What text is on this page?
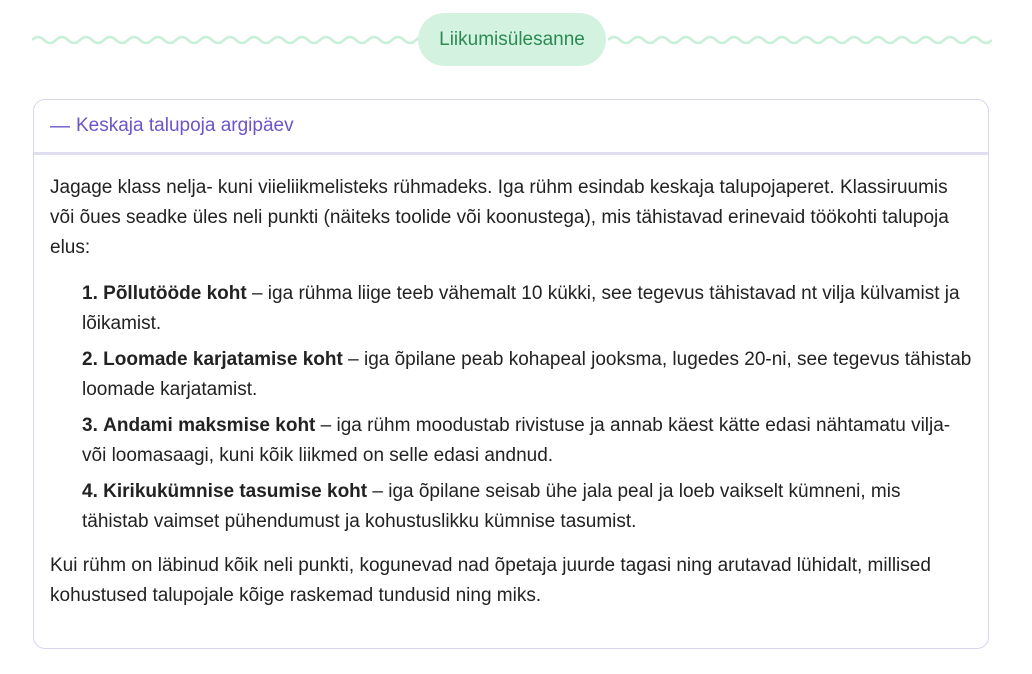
Liikumisülesanne
— Keskaja talupoja argipäev

Jagage klass nelja- kuni viieliikmelisteks rühmadeks. Iga rühm esindab keskaja talupojaperet. Klassiruumis või õues seadke üles neli punkti (näiteks toolide või koonustega), mis tähistavad erinevaid töökohti talupoja elus:

1. Põllutööde koht – iga rühma liige teeb vähemalt 10 kükki, see tegevus tähistavad nt vilja külvamist ja lõikamist.
2. Loomade karjatamise koht – iga õpilane peab kohapeal jooksma, lugedes 20-ni, see tegevus tähistab loomade karjatamist.
3. Andami maksmise koht – iga rühm moodustab rivistuse ja annab käest kätte edasi nähtamatu vilja- või loomasaagi, kuni kõik liikmed on selle edasi andnud.
4. Kirikukümnise tasumise koht – iga õpilane seisab ühe jala peal ja loeb vaikselt kümneni, mis tähistab vaimset pühendumust ja kohustuslikku kümnise tasumist.

Kui rühm on läbinud kõik neli punkti, kogunevad nad õpetaja juurde tagasi ning arutavad lühidalt, millised kohustused talupojale kõige raskemad tundusid ning miks.
